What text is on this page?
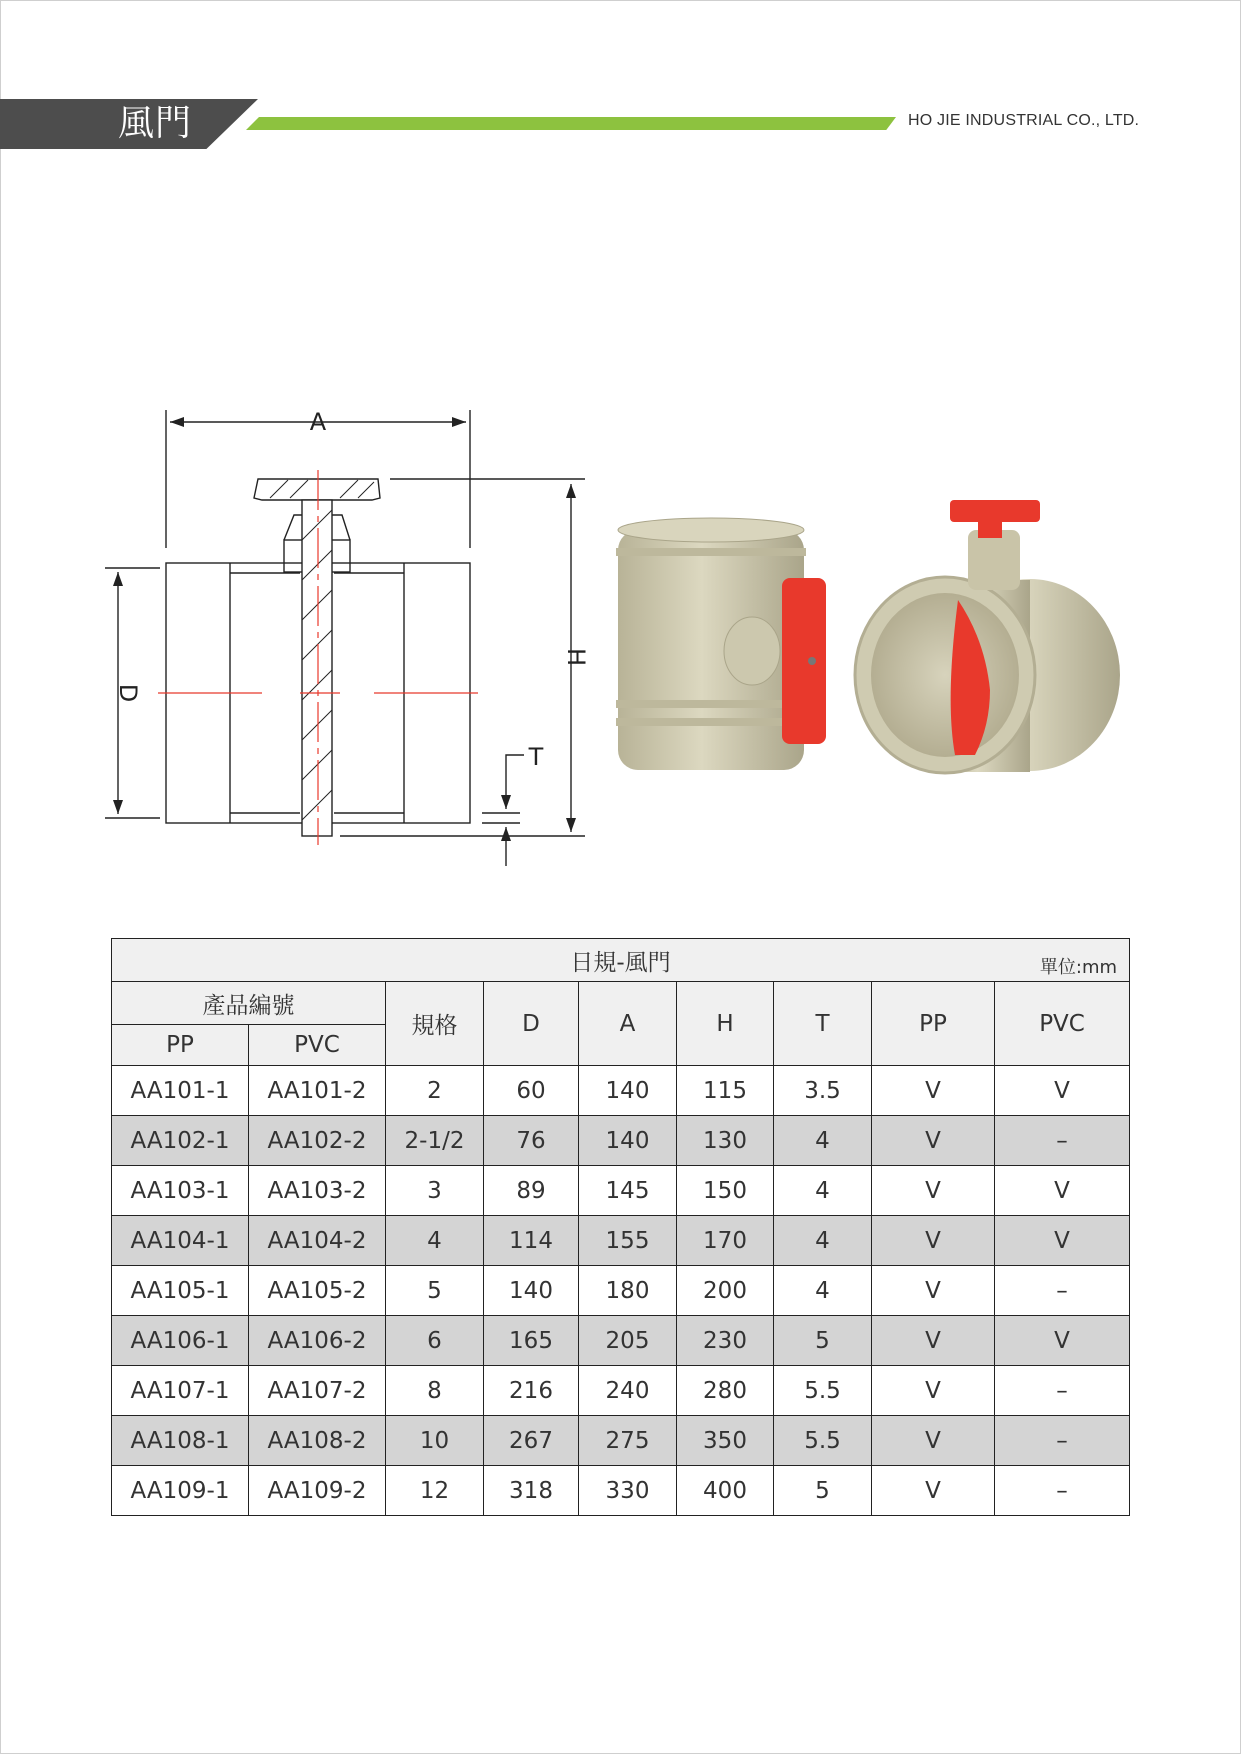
風門	HO JIE INDUSTRIAL CO., LTD.
A
D
H
T
日規-風門 單位:mm								

產品編號		規格	D	A	H	T	PP	PVC
PP	PVC							
AA101-1	AA101-2	2	60	140	115	3.5	V	V
AA102-1	AA102-2	2-1/2	76	140	130	4	V	–
AA103-1	AA103-2	3	89	145	150	4	V	V
AA104-1	AA104-2	4	114	155	170	4	V	V
AA105-1	AA105-2	5	140	180	200	4	V	–
AA106-1	AA106-2	6	165	205	230	5	V	V
AA107-1	AA107-2	8	216	240	280	5.5	V	–
AA108-1	AA108-2	10	267	275	350	5.5	V	–
AA109-1	AA109-2	12	318	330	400	5	V	–
